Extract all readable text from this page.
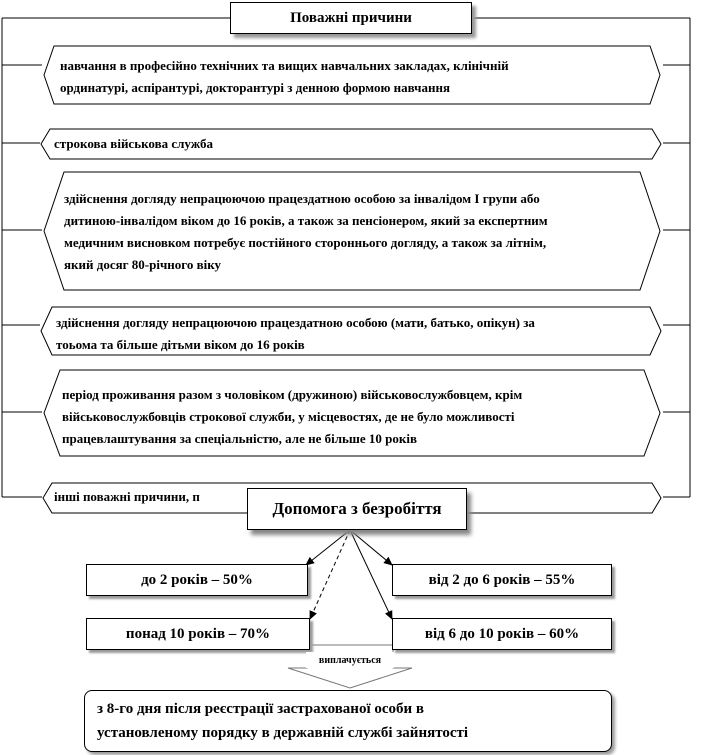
Поважні причини
навчання в професійно технічних та вищих навчальних закладах, клінічній
ординатурі, аспірантурі, докторантурі з денною формою навчання
строкова військова служба
здійснення догляду непрацюючою працездатною особою за інвалідом I групи або
дитиною-інвалідом віком до 16 років, а також за пенсіонером, який за експертним
медичним висновком потребує постійного стороннього догляду, а також за літнім,
який досяг 80-річного віку
здійснення догляду непрацюючою працездатною особою (мати, батько, опікун) за
тоьома та більше дітьми віком до 16 років
період проживання разом з чоловіком (дружиною) військовослужбовцем, крім
військовослужбовців строкової служби, у місцевостях, де не було можливості
працевлаштування за спеціальністю, але не більше 10 років
інші поважні причини, п
Допомога з безробіття
до 2 років – 50%	від 2 до 6 років – 55%
понад 10 років – 70%	від 6 до 10 років – 60%
виплачується
з 8-го дня після реєстрації застрахованої особи в
установленому порядку в державній службі зайнятості
